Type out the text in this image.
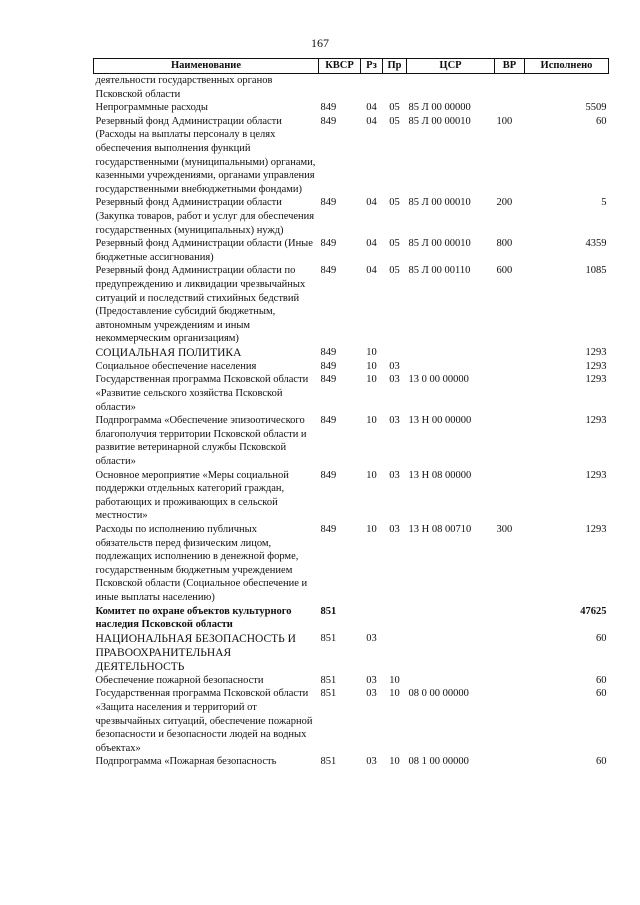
167
Наименование	КВСР	Рз	Пр	ЦСР	ВР	Исполнено
деятельности государственных органов Псковской области						
Непрограммные расходы	849	04	05	85 Л 00 00000		5509
Резервный фонд Администрации области (Расходы на выплаты персоналу в целях обеспечения выполнения функций государственными (муниципальными) органами, казенными учреждениями, органами управления государственными внебюджетными фондами)	849	04	05	85 Л 00 00010	100	60
Резервный фонд Администрации области (Закупка товаров, работ и услуг для обеспечения государственных (муниципальных) нужд)	849	04	05	85 Л 00 00010	200	5
Резервный фонд Администрации области (Иные бюджетные ассигнования)	849	04	05	85 Л 00 00010	800	4359
Резервный фонд Администрации области по предупреждению и ликвидации чрезвычайных ситуаций и последствий стихийных бедствий (Предоставление субсидий бюджетным, автономным учреждениям и иным некоммерческим организациям)	849	04	05	85 Л 00 00110	600	1085
СОЦИАЛЬНАЯ ПОЛИТИКА	849	10				1293
Социальное обеспечение населения	849	10	03			1293
Государственная программа Псковской области «Развитие сельского хозяйства Псковской области»	849	10	03	13 0 00 00000		1293
Подпрограмма «Обеспечение эпизоотического благополучия территории Псковской области и развитие ветеринарной службы Псковской области»	849	10	03	13 Н 00 00000		1293
Основное мероприятие «Меры социальной поддержки отдельных категорий граждан, работающих и проживающих в сельской местности»	849	10	03	13 Н 08 00000		1293
Расходы по исполнению публичных обязательств перед физическим лицом, подлежащих исполнению в денежной форме, государственным бюджетным учреждением Псковской области (Социальное обеспечение и иные выплаты населению)	849	10	03	13 Н 08 00710	300	1293
Комитет по охране объектов культурного наследия Псковской области	851					47625
НАЦИОНАЛЬНАЯ БЕЗОПАСНОСТЬ И ПРАВООХРАНИТЕЛЬНАЯ ДЕЯТЕЛЬНОСТЬ	851	03				60
Обеспечение пожарной безопасности	851	03	10			60
Государственная программа Псковской области «Защита населения и территорий от чрезвычайных ситуаций, обеспечение пожарной безопасности и безопасности людей на водных объектах»	851	03	10	08 0 00 00000		60
Подпрограмма «Пожарная безопасность	851	03	10	08 1 00 00000		60
